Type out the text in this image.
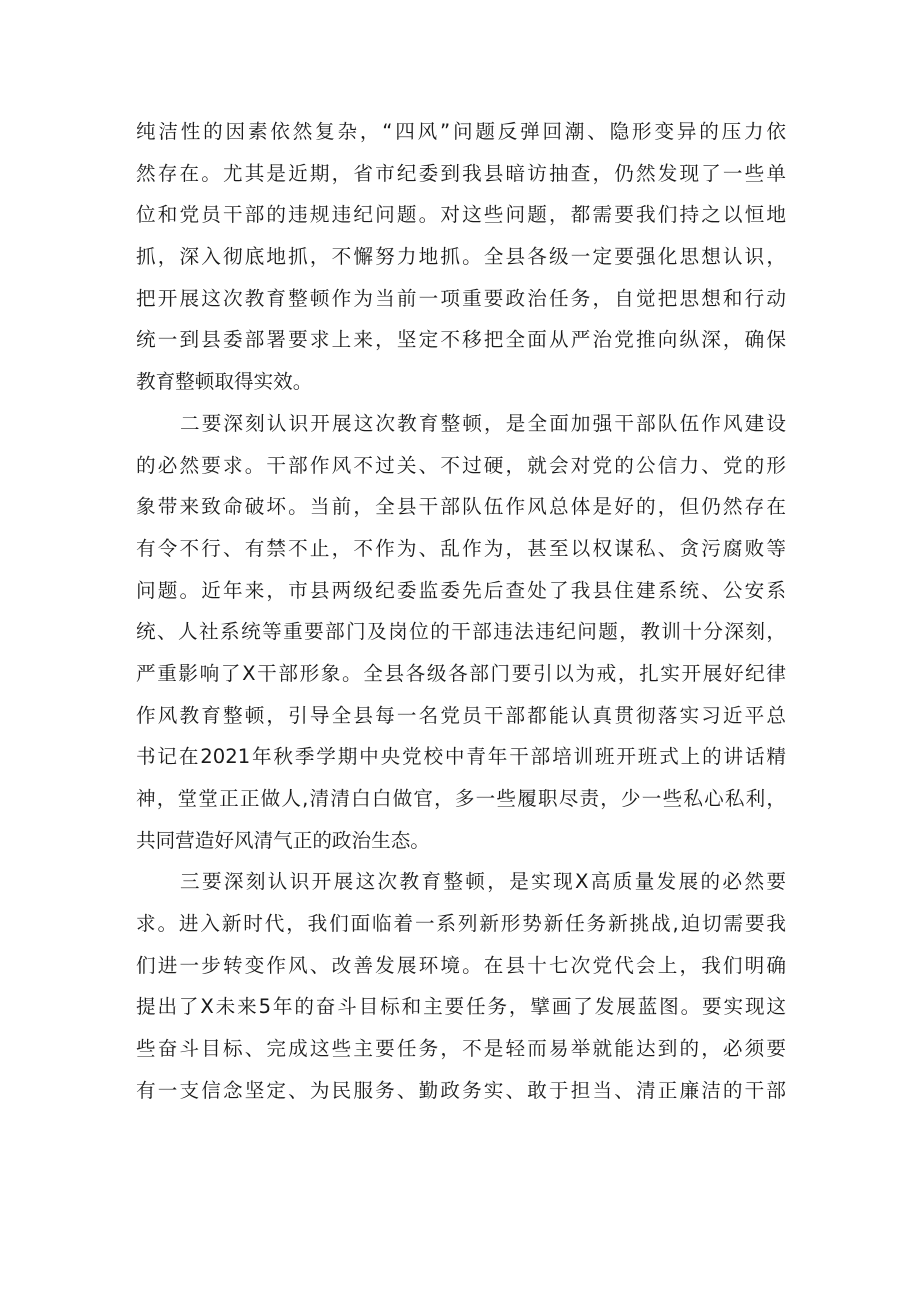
纯洁性的因素依然复杂，“四风”问题反弹回潮、隐形变异的压力依
然存在。尤其是近期，省市纪委到我县暗访抽查，仍然发现了一些单
位和党员干部的违规违纪问题。对这些问题，都需要我们持之以恒地
抓，深入彻底地抓，不懈努力地抓。全县各级一定要强化思想认识，
把开展这次教育整顿作为当前一项重要政治任务，自觉把思想和行动
统一到县委部署要求上来，坚定不移把全面从严治党推向纵深，确保
教育整顿取得实效。
二要深刻认识开展这次教育整顿，是全面加强干部队伍作风建设
的必然要求。干部作风不过关、不过硬，就会对党的公信力、党的形
象带来致命破坏。当前，全县干部队伍作风总体是好的，但仍然存在
有令不行、有禁不止，不作为、乱作为，甚至以权谋私、贪污腐败等
问题。近年来，市县两级纪委监委先后查处了我县住建系统、公安系
统、人社系统等重要部门及岗位的干部违法违纪问题，教训十分深刻，
严重影响了X干部形象。全县各级各部门要引以为戒，扎实开展好纪律
作风教育整顿，引导全县每一名党员干部都能认真贯彻落实习近平总
书记在2021年秋季学期中央党校中青年干部培训班开班式上的讲话精
神，堂堂正正做人,清清白白做官，多一些履职尽责，少一些私心私利，
共同营造好风清气正的政治生态。
三要深刻认识开展这次教育整顿，是实现X高质量发展的必然要
求。进入新时代，我们面临着一系列新形势新任务新挑战,迫切需要我
们进一步转变作风、改善发展环境。在县十七次党代会上，我们明确
提出了X未来5年的奋斗目标和主要任务，擘画了发展蓝图。要实现这
些奋斗目标、完成这些主要任务，不是轻而易举就能达到的，必须要
有一支信念坚定、为民服务、勤政务实、敢于担当、清正廉洁的干部
